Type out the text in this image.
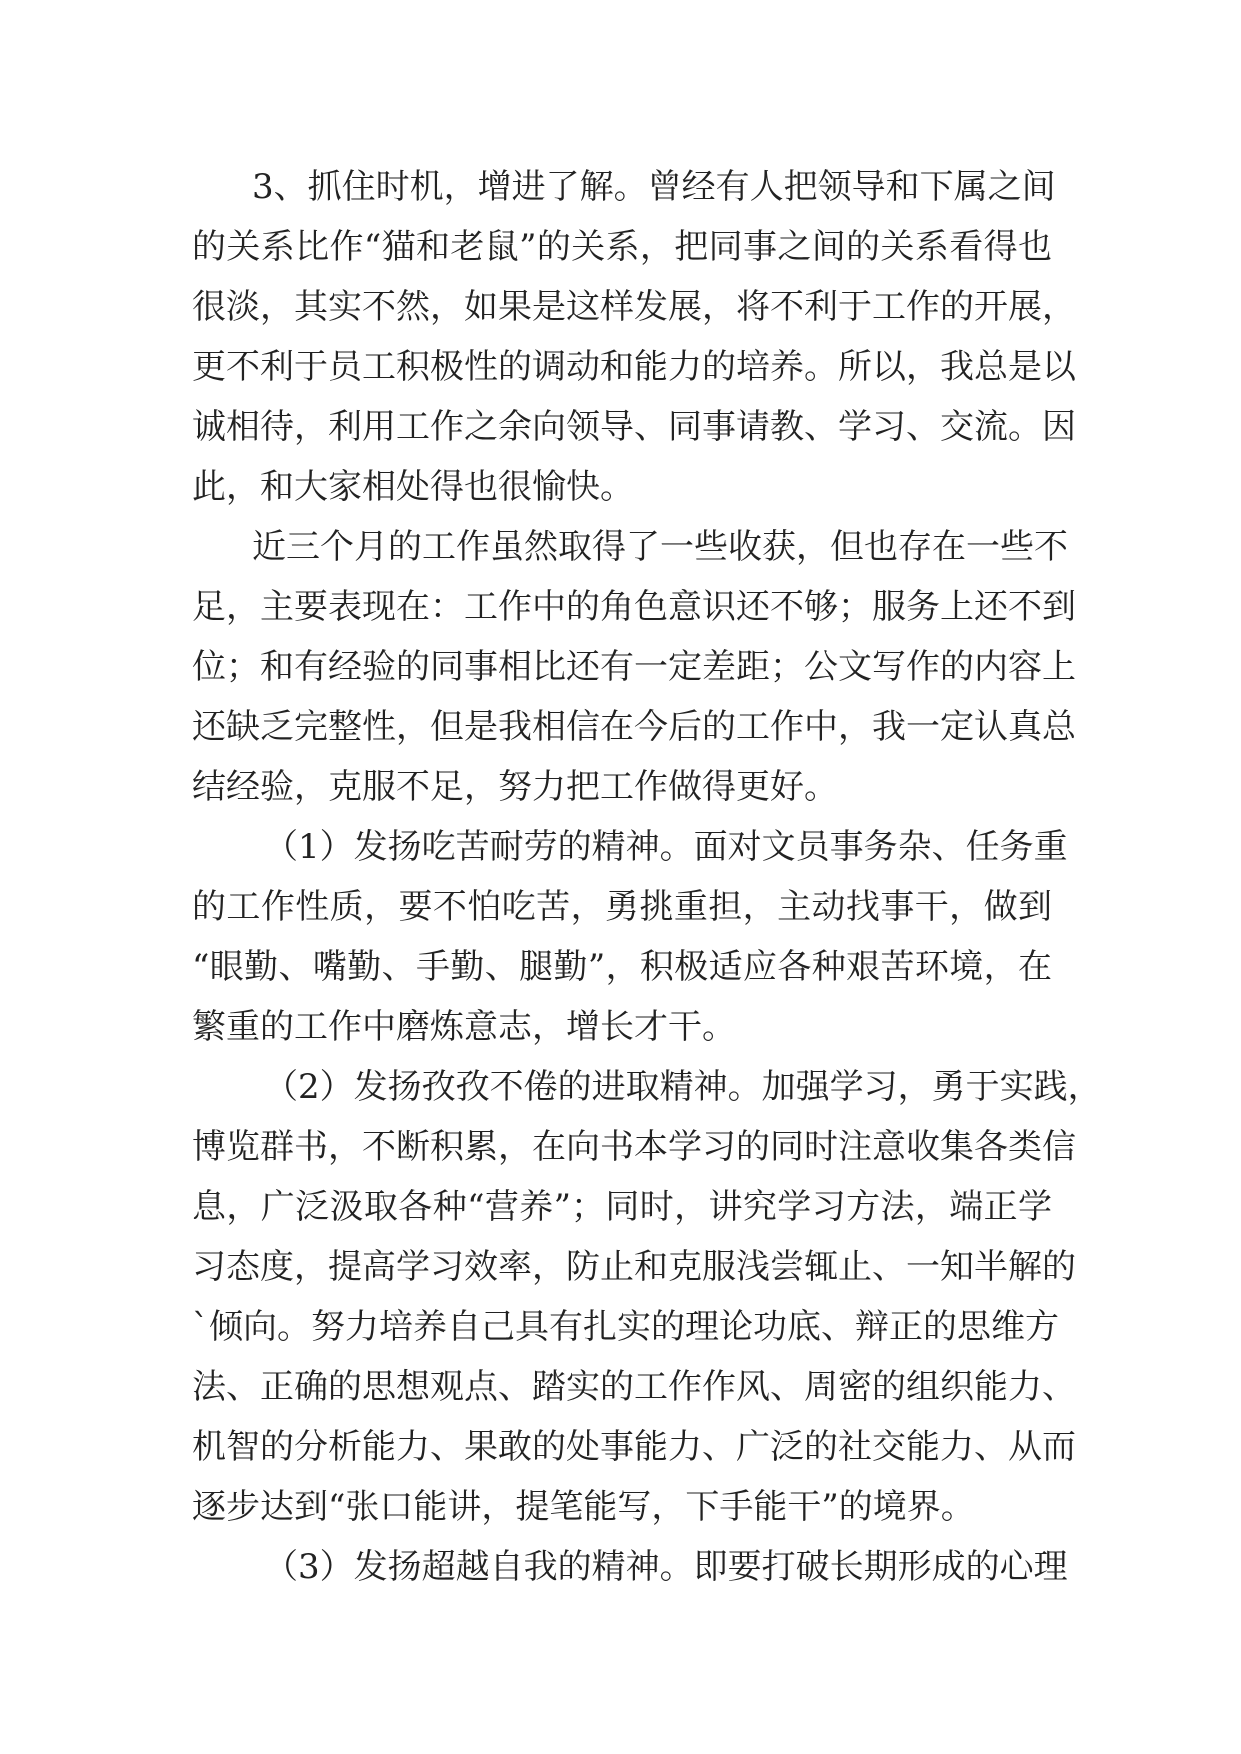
3、抓住时机，增进了解。曾经有人把领导和下属之间
的关系比作“猫和老鼠”的关系，把同事之间的关系看得也
很淡，其实不然，如果是这样发展，将不利于工作的开展，
更不利于员工积极性的调动和能力的培养。所以，我总是以
诚相待，利用工作之余向领导、同事请教、学习、交流。因
此，和大家相处得也很愉快。
近三个月的工作虽然取得了一些收获，但也存在一些不
足，主要表现在：工作中的角色意识还不够；服务上还不到
位；和有经验的同事相比还有一定差距；公文写作的内容上
还缺乏完整性，但是我相信在今后的工作中，我一定认真总
结经验，克服不足，努力把工作做得更好。
（1）发扬吃苦耐劳的精神。面对文员事务杂、任务重
的工作性质，要不怕吃苦，勇挑重担，主动找事干，做到
“眼勤、嘴勤、手勤、腿勤”，积极适应各种艰苦环境，在
繁重的工作中磨炼意志，增长才干。
（2）发扬孜孜不倦的进取精神。加强学习，勇于实践，
博览群书，不断积累，在向书本学习的同时注意收集各类信
息，广泛汲取各种“营养”；同时，讲究学习方法，端正学
习态度，提高学习效率，防止和克服浅尝辄止、一知半解的
`倾向。努力培养自己具有扎实的理论功底、辩正的思维方
法、正确的思想观点、踏实的工作作风、周密的组织能力、
机智的分析能力、果敢的处事能力、广泛的社交能力、从而
逐步达到“张口能讲，提笔能写，下手能干”的境界。
（3）发扬超越自我的精神。即要打破长期形成的心理
